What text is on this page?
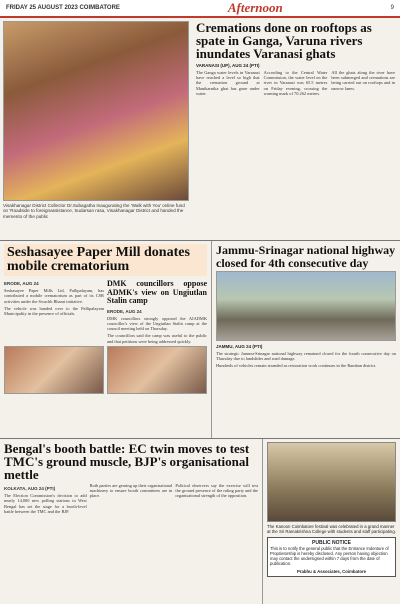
FRIDAY 25 AUGUST 2023 COIMBATORE	Afternoon	9
Visakhanagar District Collector Dr.Subagatha Inaugurating the 'Walk with You' online fund on 'Roadside to foreignassistance, Sudarsan rasa, Visakhanagar District and handed the memento of the public
Cremations done on rooftops as spate in Ganga, Varuna rivers inundates Varanasi ghats
VARANASI (UP), AUG 24 (PTI)

The Ganga water levels in Varanasi have reached a level so high that the cremation ground at Manikarnika ghat has gone under water.

According to the Central Water Commission, the water level on the river in Varanasi was 65.5 metres on Friday evening, crossing the warning mark of 70.262 metres.

All the ghats along the river have been submerged and cremations are being carried out on rooftops and in narrow lanes.

Seshasayee Paper Mill donates mobile crematorium
ERODE, AUG 24

Seshasayee Paper Mills Ltd, Pallipalayam, has contributed a mobile crematorium as part of its CSR activities under the Swachh Bharat initiative.

The vehicle was handed over to the Pallipalayam Municipality in the presence of officials.

DMK councillors oppose ADMK's view on Ungiutlan Stalin camp
ERODE, AUG 24

DMK councillors strongly opposed the AIADMK councillor's view of the Ungiutlan Stalin camp at the council meeting held on Thursday.

The councillors said the camp was useful to the public and that petitions were being addressed quickly.

Jammu-Srinagar national highway closed for 4th consecutive day
JAMMU, AUG 24 (PTI)

The strategic Jammu-Srinagar national highway remained closed for the fourth consecutive day on Thursday due to landslides and road damage.

Hundreds of vehicles remain stranded as restoration work continues in the Ramban district.

Bengal's booth battle: EC twin moves to test TMC's ground muscle, BJP's organisational mettle
KOLKATA, AUG 24 (PTI)

The Election Commission's decision to add nearly 14,000 new polling stations in West Bengal has set the stage for a booth-level battle between the TMC and the BJP.

Both parties are gearing up their organisational machinery to ensure booth committees are in place.

Political observers say the exercise will test the ground presence of the ruling party and the organisational strength of the opposition.

The Kanoon Coimbatore festival was celebrated in a grand manner at the Sri Ramakrishna College with students and staff participating.
PUBLIC NOTICE
This is to notify the general public that the Entrance Indenture of Proprietorship is hereby disclosed. Any person having objection may contact the undersigned within 7 days from the date of publication.
Prabhu & Associates, Coimbatore
